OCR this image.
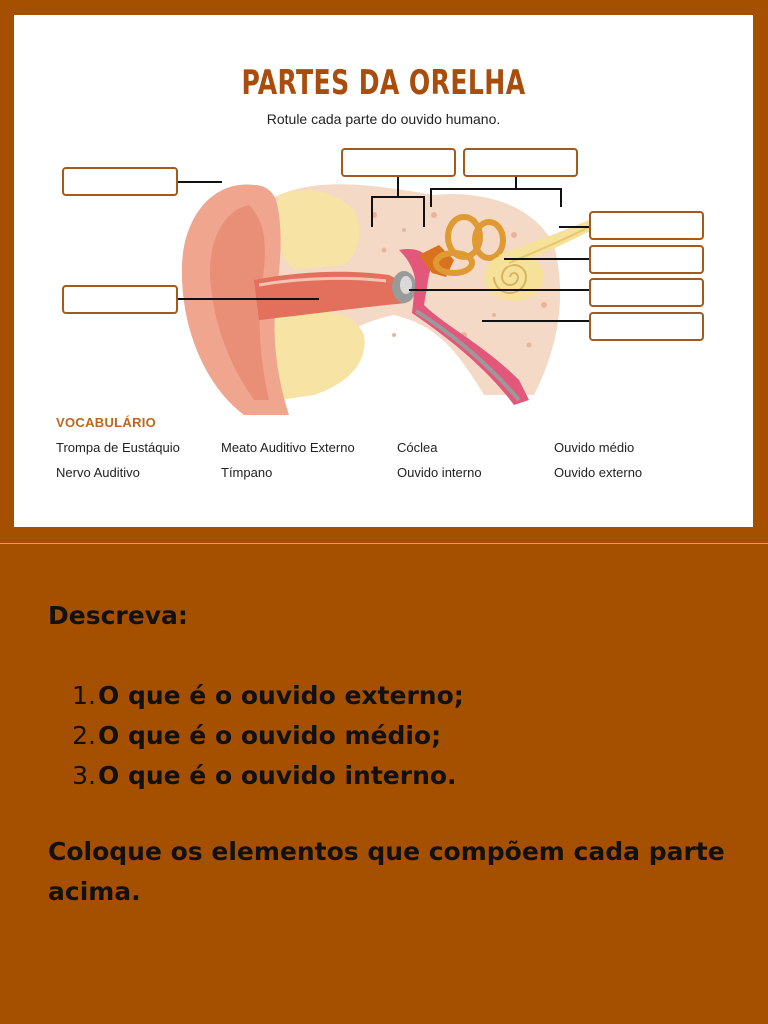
PARTES DA ORELHA
Rotule cada parte do ouvido humano.
VOCABULÁRIO
Trompa de Eustáquio	Meato Auditivo Externo	Cóclea	Ouvido médio
Nervo Auditivo	Tímpano	Ouvido interno	Ouvido externo

Descreva:

1. O que é o ouvido externo;
2. O que é o ouvido médio;
3. O que é o ouvido interno.

Coloque os elementos que compõem cada parte acima.
